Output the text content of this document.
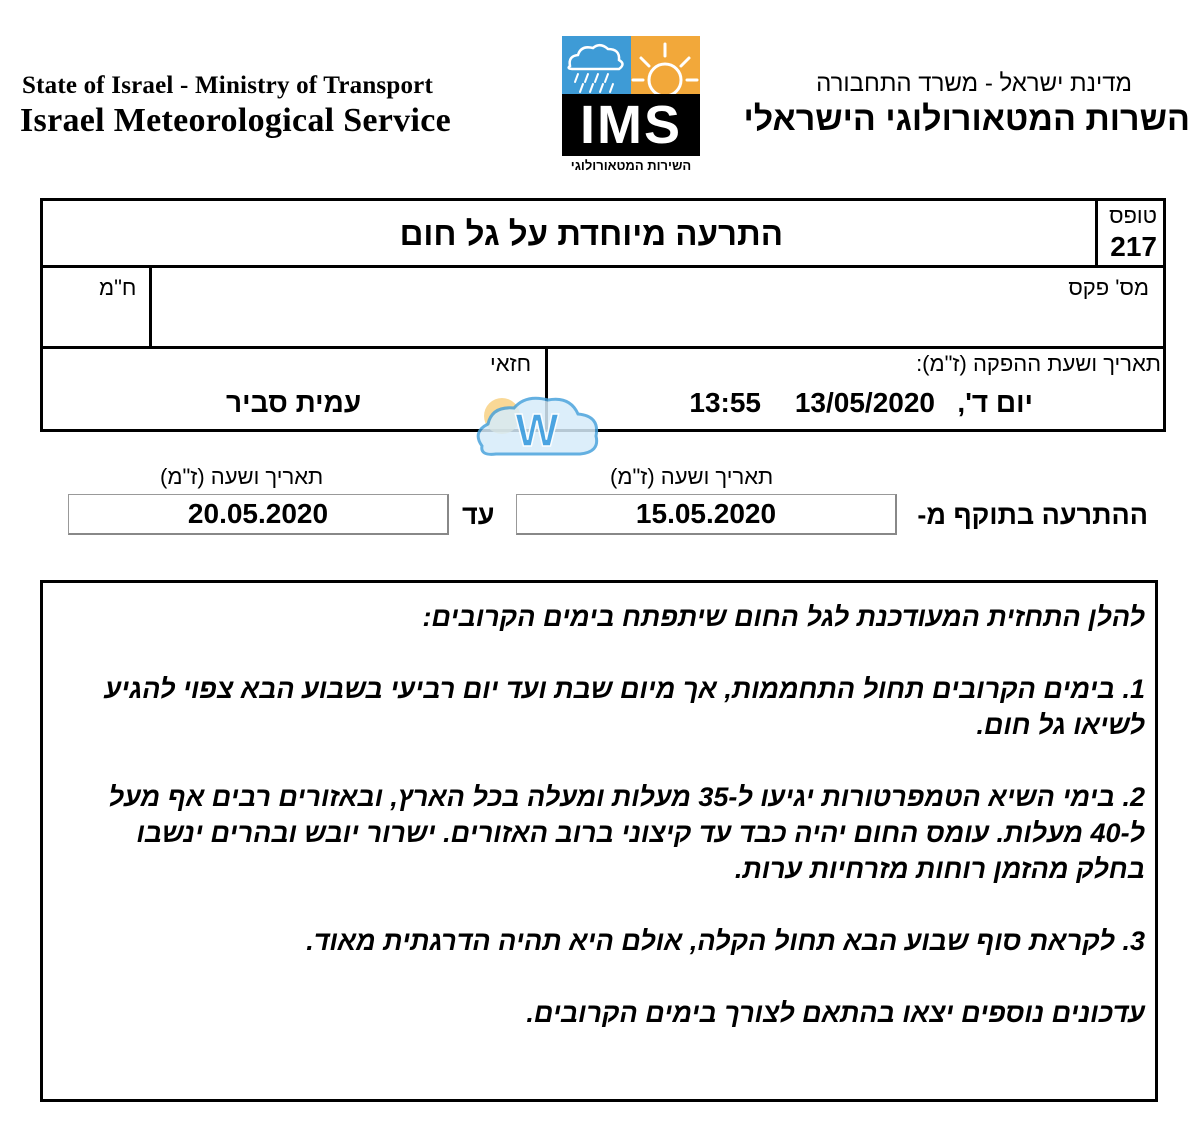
State of Israel - Ministry of Transport
Israel Meteorological Service
מדינת ישראל - משרד התחבורה
השרות המטאורולוגי הישראלי
IMS
השירות המטאורולוגי
התרעה מיוחדת על גל חום	טופס
217
מס' פקס
ח"מ
תאריך ושעת ההפקה (ז"מ):
יום ד',
13/05/2020
13:55
חזאי
עמית סביר
W
ההתרעה בתוקף מ-
תאריך ושעה (ז"מ)
תאריך ושעה (ז"מ)
15.05.2020
עד
20.05.2020

להלן התחזית המעודכנת לגל החום שיתפתח בימים הקרובים:

1. בימים הקרובים תחול התחממות, אך מיום שבת ועד יום רביעי בשבוע הבא צפוי להגיע לשיאו גל חום.

2. בימי השיא הטמפרטורות יגיעו ל-35 מעלות ומעלה בכל הארץ, ובאזורים רבים אף מעל ל-40 מעלות. עומס החום יהיה כבד עד קיצוני ברוב האזורים. ישרור יובש ובהרים ינשבו בחלק מהזמן רוחות מזרחיות ערות.

3. לקראת סוף שבוע הבא תחול הקלה, אולם היא תהיה הדרגתית מאוד.

עדכונים נוספים יצאו בהתאם לצורך בימים הקרובים.
